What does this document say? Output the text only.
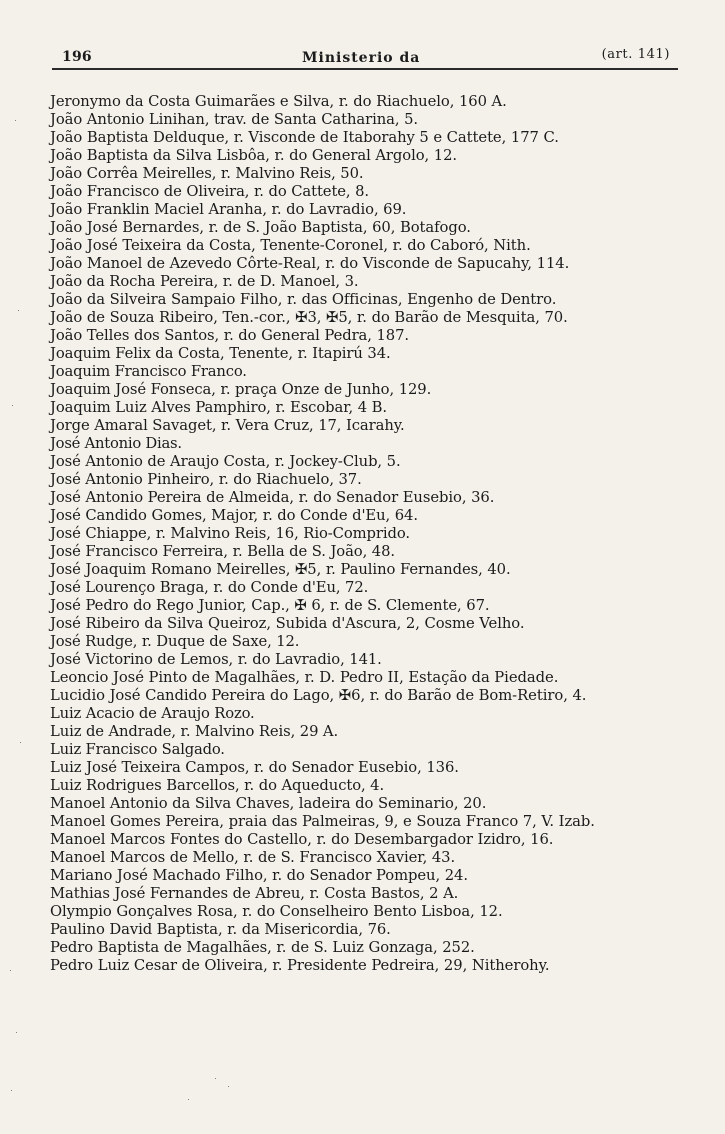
196	Ministerio da	(art. 141)
Jeronymo da Costa Guimarães e Silva, r. do Riachuelo, 160 A.
João Antonio Linihan, trav. de Santa Catharina, 5.
João Baptista Delduque, r. Visconde de Itaborahy 5 e Cattete, 177 C.
João Baptista da Silva Lisbôa, r. do General Argolo, 12.
João Corrêa Meirelles, r. Malvino Reis, 50.
João Francisco de Oliveira, r. do Cattete, 8.
João Franklin Maciel Aranha, r. do Lavradio, 69.
João José Bernardes, r. de S. João Baptista, 60, Botafogo.
João José Teixeira da Costa, Tenente-Coronel, r. do Caboró, Nith.
João Manoel de Azevedo Côrte-Real, r. do Visconde de Sapucahy, 114.
João da Rocha Pereira, r. de D. Manoel, 3.
João da Silveira Sampaio Filho, r. das Officinas, Engenho de Dentro.
João de Souza Ribeiro, Ten.-cor., ✠3, ✠5, r. do Barão de Mesquita, 70.
João Telles dos Santos, r. do General Pedra, 187.
Joaquim Felix da Costa, Tenente, r. Itapirú 34.
Joaquim Francisco Franco.
Joaquim José Fonseca, r. praça Onze de Junho, 129.
Joaquim Luiz Alves Pamphiro, r. Escobar, 4 B.
Jorge Amaral Savaget, r. Vera Cruz, 17, Icarahy.
José Antonio Dias.
José Antonio de Araujo Costa, r. Jockey-Club, 5.
José Antonio Pinheiro, r. do Riachuelo, 37.
José Antonio Pereira de Almeida, r. do Senador Eusebio, 36.
José Candido Gomes, Major, r. do Conde d'Eu, 64.
José Chiappe, r. Malvino Reis, 16, Rio-Comprido.
José Francisco Ferreira, r. Bella de S. João, 48.
José Joaquim Romano Meirelles, ✠5, r. Paulino Fernandes, 40.
José Lourenço Braga, r. do Conde d'Eu, 72.
José Pedro do Rego Junior, Cap., ✠ 6, r. de S. Clemente, 67.
José Ribeiro da Silva Queiroz, Subida d'Ascura, 2, Cosme Velho.
José Rudge, r. Duque de Saxe, 12.
José Victorino de Lemos, r. do Lavradio, 141.
Leoncio José Pinto de Magalhães, r. D. Pedro II, Estação da Piedade.
Lucidio José Candido Pereira do Lago, ✠6, r. do Barão de Bom-Retiro, 4.
Luiz Acacio de Araujo Rozo.
Luiz de Andrade, r. Malvino Reis, 29 A.
Luiz Francisco Salgado.
Luiz José Teixeira Campos, r. do Senador Eusebio, 136.
Luiz Rodrigues Barcellos, r. do Aqueducto, 4.
Manoel Antonio da Silva Chaves, ladeira do Seminario, 20.
Manoel Gomes Pereira, praia das Palmeiras, 9, e Souza Franco 7, V. Izab.
Manoel Marcos Fontes do Castello, r. do Desembargador Izidro, 16.
Manoel Marcos de Mello, r. de S. Francisco Xavier, 43.
Mariano José Machado Filho, r. do Senador Pompeu, 24.
Mathias José Fernandes de Abreu, r. Costa Bastos, 2 A.
Olympio Gonçalves Rosa, r. do Conselheiro Bento Lisboa, 12.
Paulino David Baptista, r. da Misericordia, 76.
Pedro Baptista de Magalhães, r. de S. Luiz Gonzaga, 252.
Pedro Luiz Cesar de Oliveira, r. Presidente Pedreira, 29, Nitherohy.
